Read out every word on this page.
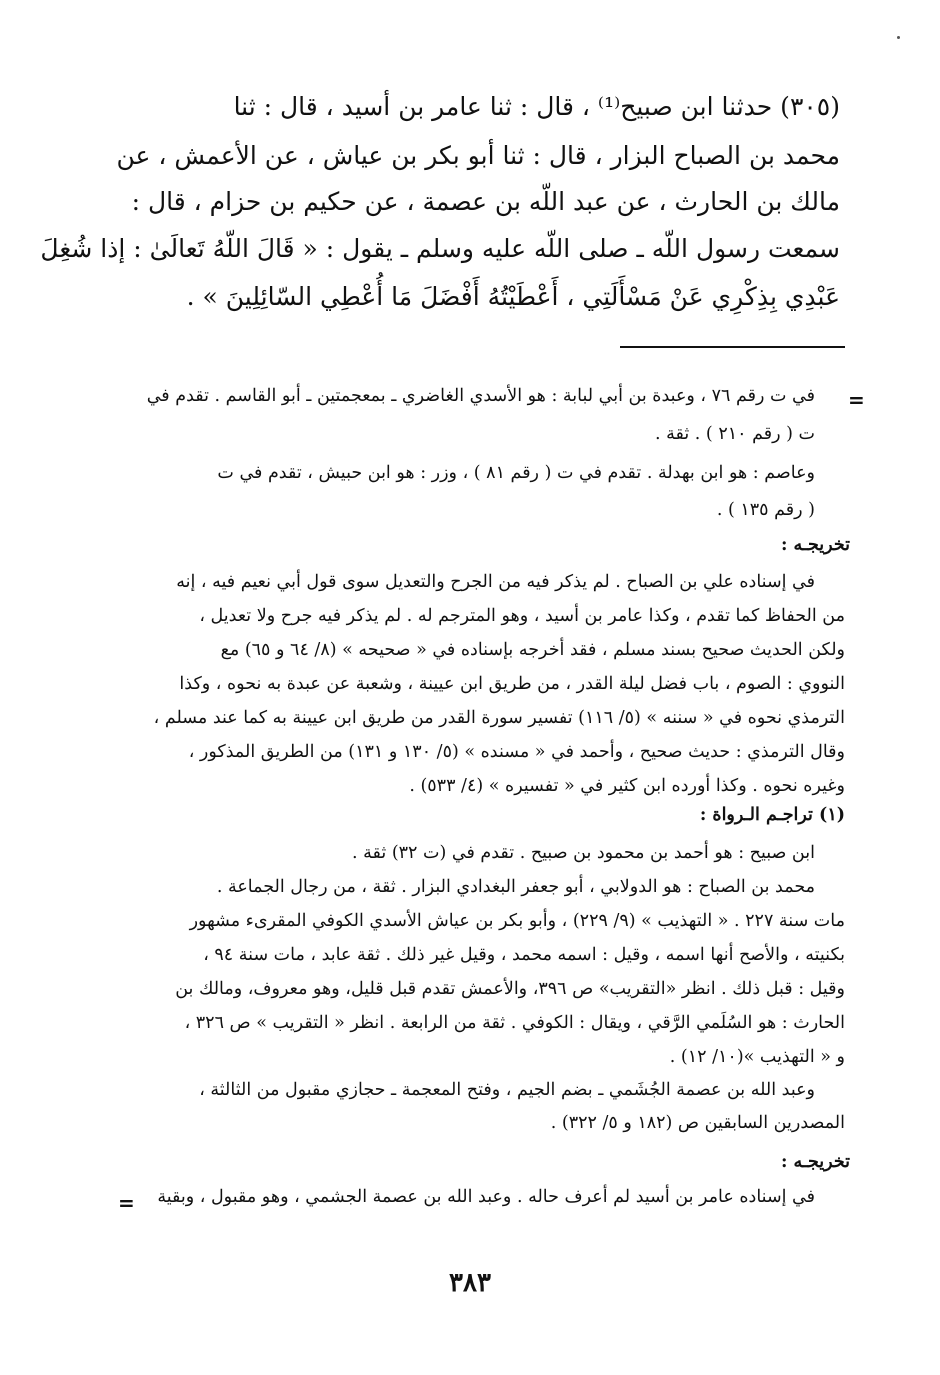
(٣٠٥) حدثنا ابن صبيح⁽¹⁾ ، قال : ثنا عامر بن أسيد ، قال : ثنا
محمد بن الصباح البزار ، قال : ثنا أبو بكر بن عياش ، عن الأعمش ، عن
مالك بن الحارث ، عن عبد اللّه بن عصمة ، عن حكيم بن حزام ، قال :
سمعت رسول اللّه ـ صلى اللّه عليه وسلم ـ يقول : « قَالَ اللّهُ تَعالَىٰ : إذا شُغِلَ
عَبْدِي بِذِكْرِي عَنْ مَسْأَلَتِي ، أَعْطَيْتُهُ أَفْضَلَ مَا أُعْطِي السّائِلِينَ » .
=
في ت رقم ٧٦ ، وعبدة بن أبي لبابة : هو الأسدي الغاضري ـ بمعجمتين ـ أبو القاسم . تقدم في
ت ( رقم ٢١٠ ) . ثقة .
وعاصم : هو ابن بهدلة . تقدم في ت ( رقم ٨١ ) ، وزر : هو ابن حبيش ، تقدم في ت
( رقم ١٣٥ ) .
تخريجـه :
في إسناده علي بن الصباح . لم يذكر فيه من الجرح والتعديل سوى قول أبي نعيم فيه ، إنه
من الحفاظ كما تقدم ، وكذا عامر بن أسيد ، وهو المترجم له . لم يذكر فيه جرح ولا تعديل ،
ولكن الحديث صحيح بسند مسلم ، فقد أخرجه بإسناده في « صحيحه » (٨/ ٦٤ و ٦٥) مع
النووي : الصوم ، باب فضل ليلة القدر ، من طريق ابن عيينة ، وشعبة عن عبدة به نحوه ، وكذا
الترمذي نحوه في « سننه » (٥/ ١١٦) تفسير سورة القدر من طريق ابن عيينة به كما عند مسلم ،
وقال الترمذي : حديث صحيح ، وأحمد في « مسنده » (٥/ ١٣٠ و ١٣١) من الطريق المذكور ،
وغيره نحوه . وكذا أورده ابن كثير في « تفسيره » (٤/ ٥٣٣) .
(١) تراجـم الـرواة :
ابن صبيح : هو أحمد بن محمود بن صبيح . تقدم في (ت ٣٢) ثقة .
محمد بن الصباح : هو الدولابي ، أبو جعفر البغدادي البزار . ثقة ، من رجال الجماعة .
مات سنة ٢٢٧ . « التهذيب » (٩/ ٢٢٩) ، وأبو بكر بن عياش الأسدي الكوفي المقرىء مشهور
بكنيته ، والأصح أنها اسمه ، وقيل : اسمه محمد ، وقيل غير ذلك . ثقة عابد ، مات سنة ٩٤ ،
وقيل : قبل ذلك . انظر «التقريب» ص ٣٩٦، والأعمش تقدم قبل قليل، وهو معروف، ومالك بن
الحارث : هو السُلَمي الرَّقي ، ويقال : الكوفي . ثقة من الرابعة . انظر « التقريب » ص ٣٢٦ ،
و « التهذيب »(١٠/ ١٢) .
وعبد الله بن عصمة الجُشَمي ـ بضم الجيم ، وفتح المعجمة ـ حجازي مقبول من الثالثة ،
المصدرين السابقين ص (١٨٢ و ٥/ ٣٢٢) .
تخريجـه :
في إسناده عامر بن أسيد لم أعرف حاله . وعبد الله بن عصمة الجشمي ، وهو مقبول ، وبقية
=
٣٨٣
